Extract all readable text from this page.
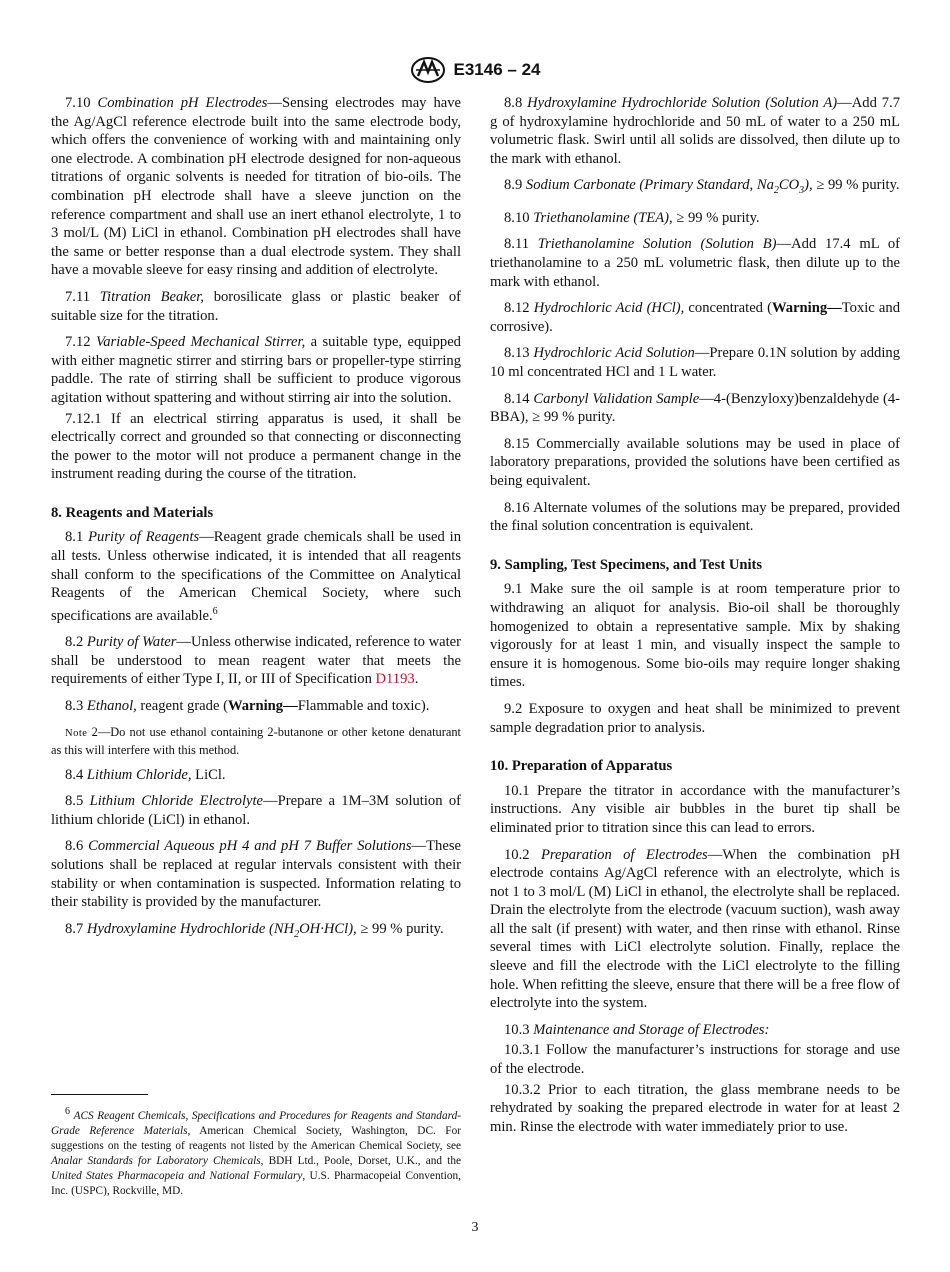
E3146 – 24

7.10 Combination pH Electrodes—Sensing electrodes may have the Ag/AgCl reference electrode built into the same electrode body, which offers the convenience of working with and maintaining only one electrode. A combination pH electrode designed for non-aqueous titrations of organic solvents is needed for titration of bio-oils. The combination pH electrode shall have a sleeve junction on the reference compartment and shall use an inert ethanol electrolyte, 1 to 3 mol/L (M) LiCl in ethanol. Combination pH electrodes shall have the same or better response than a dual electrode system. They shall have a movable sleeve for easy rinsing and addition of electrolyte.

7.11 Titration Beaker, borosilicate glass or plastic beaker of suitable size for the titration.

7.12 Variable-Speed Mechanical Stirrer, a suitable type, equipped with either magnetic stirrer and stirring bars or propeller-type stirring paddle. The rate of stirring shall be sufficient to produce vigorous agitation without spattering and without stirring air into the solution.

7.12.1 If an electrical stirring apparatus is used, it shall be electrically correct and grounded so that connecting or disconnecting the power to the motor will not produce a permanent change in the instrument reading during the course of the titration.

8. Reagents and Materials

8.1 Purity of Reagents—Reagent grade chemicals shall be used in all tests. Unless otherwise indicated, it is intended that all reagents shall conform to the specifications of the Committee on Analytical Reagents of the American Chemical Society, where such specifications are available.$^6$

8.2 Purity of Water—Unless otherwise indicated, reference to water shall be understood to mean reagent water that meets the requirements of either Type I, II, or III of Specification D1193.

8.3 Ethanol, reagent grade (Warning—Flammable and toxic).

Note 2—Do not use ethanol containing 2-butanone or other ketone denaturant as this will interfere with this method.

8.4 Lithium Chloride, LiCl.

8.5 Lithium Chloride Electrolyte—Prepare a 1M–3M solution of lithium chloride (LiCl) in ethanol.

8.6 Commercial Aqueous pH 4 and pH 7 Buffer Solutions—These solutions shall be replaced at regular intervals consistent with their stability or when contamination is suspected. Information relating to their stability is provided by the manufacturer.

8.7 Hydroxylamine Hydrochloride $(NH_2OH\cdot HCl)$, ≥ 99 % purity.

$^6$ ACS Reagent Chemicals, Specifications and Procedures for Reagents and Standard-Grade Reference Materials, American Chemical Society, Washington, DC. For suggestions on the testing of reagents not listed by the American Chemical Society, see Analar Standards for Laboratory Chemicals, BDH Ltd., Poole, Dorset, U.K., and the United States Pharmacopeia and National Formulary, U.S. Pharmacopeial Convention, Inc. (USPC), Rockville, MD.

8.8 Hydroxylamine Hydrochloride Solution (Solution A)—Add 7.7 g of hydroxylamine hydrochloride and 50 mL of water to a 250 mL volumetric flask. Swirl until all solids are dissolved, then dilute up to the mark with ethanol.

8.9 Sodium Carbonate (Primary Standard, $Na_2CO_3$), ≥ 99 % purity.

8.10 Triethanolamine (TEA), ≥ 99 % purity.

8.11 Triethanolamine Solution (Solution B)—Add 17.4 mL of triethanolamine to a 250 mL volumetric flask, then dilute up to the mark with ethanol.

8.12 Hydrochloric Acid (HCl), concentrated (Warning—Toxic and corrosive).

8.13 Hydrochloric Acid Solution—Prepare 0.1N solution by adding 10 ml concentrated HCl and 1 L water.

8.14 Carbonyl Validation Sample—4-(Benzyloxy)benzaldehyde (4-BBA), ≥ 99 % purity.

8.15 Commercially available solutions may be used in place of laboratory preparations, provided the solutions have been certified as being equivalent.

8.16 Alternate volumes of the solutions may be prepared, provided the final solution concentration is equivalent.

9. Sampling, Test Specimens, and Test Units

9.1 Make sure the oil sample is at room temperature prior to withdrawing an aliquot for analysis. Bio-oil shall be thoroughly homogenized to obtain a representative sample. Mix by shaking vigorously for at least 1 min, and visually inspect the sample to ensure it is homogenous. Some bio-oils may require longer shaking times.

9.2 Exposure to oxygen and heat shall be minimized to prevent sample degradation prior to analysis.

10. Preparation of Apparatus

10.1 Prepare the titrator in accordance with the manufacturer’s instructions. Any visible air bubbles in the buret tip shall be eliminated prior to titration since this can lead to errors.

10.2 Preparation of Electrodes—When the combination pH electrode contains Ag/AgCl reference with an electrolyte, which is not 1 to 3 mol/L (M) LiCl in ethanol, the electrolyte shall be replaced. Drain the electrolyte from the electrode (vacuum suction), wash away all the salt (if present) with water, and then rinse with ethanol. Rinse several times with LiCl electrolyte solution. Finally, replace the sleeve and fill the electrode with the LiCl electrolyte to the filling hole. When refitting the sleeve, ensure that there will be a free flow of electrolyte into the system.

10.3 Maintenance and Storage of Electrodes:

10.3.1 Follow the manufacturer’s instructions for storage and use of the electrode.

10.3.2 Prior to each titration, the glass membrane needs to be rehydrated by soaking the prepared electrode in water for at least 2 min. Rinse the electrode with water immediately prior to use.

3
